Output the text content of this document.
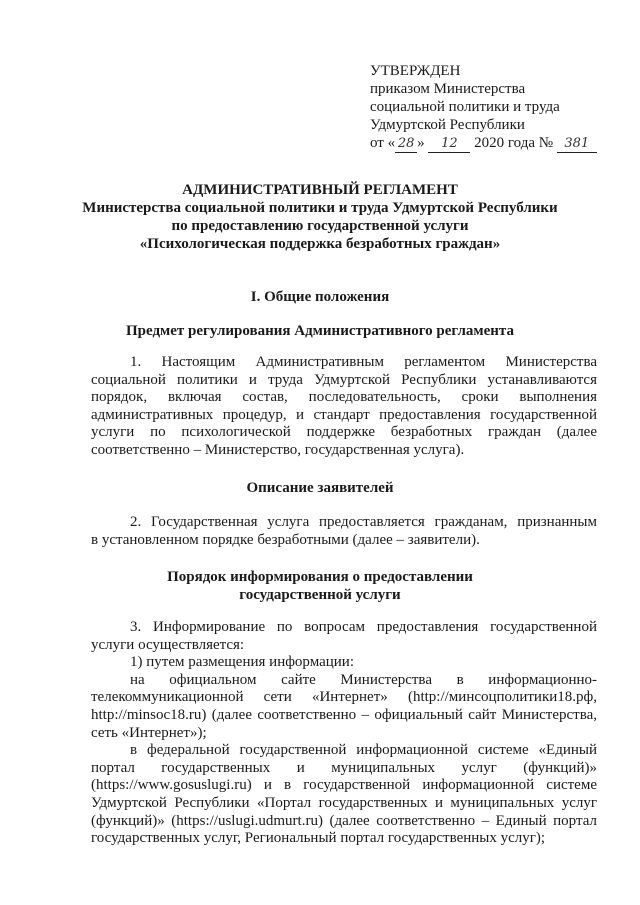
УТВЕРЖДЕН
приказом Министерства
социальной политики и труда
Удмуртской Республики
от « 28 » 12 2020 года № 381
АДМИНИСТРАТИВНЫЙ РЕГЛАМЕНТ
Министерства социальной политики и труда Удмуртской Республики
по предоставлению государственной услуги
«Психологическая поддержка безработных граждан»
I. Общие положения
Предмет регулирования Административного регламента
1. Настоящим Административным регламентом Министерства
социальной политики и труда Удмуртской Республики устанавливаются
порядок, включая состав, последовательность, сроки выполнения
административных процедур, и стандарт предоставления государственной
услуги по психологической поддержке безработных граждан (далее
соответственно – Министерство, государственная услуга).
Описание заявителей
2. Государственная услуга предоставляется гражданам, признанным
в установленном порядке безработными (далее – заявители).
Порядок информирования о предоставлении
государственной услуги
3. Информирование по вопросам предоставления государственной
услуги осуществляется:
1) путем размещения информации:
на официальном сайте Министерства в информационно-
телекоммуникационной сети «Интернет» (http://минсоцполитики18.рф,
http://minsoc18.ru) (далее соответственно – официальный сайт Министерства,
сеть «Интернет»);
в федеральной государственной информационной системе «Единый
портал государственных и муниципальных услуг (функций)»
(https://www.gosuslugi.ru) и в государственной информационной системе
Удмуртской Республики «Портал государственных и муниципальных услуг
(функций)» (https://uslugi.udmurt.ru) (далее соответственно – Единый портал
государственных услуг, Региональный портал государственных услуг);
